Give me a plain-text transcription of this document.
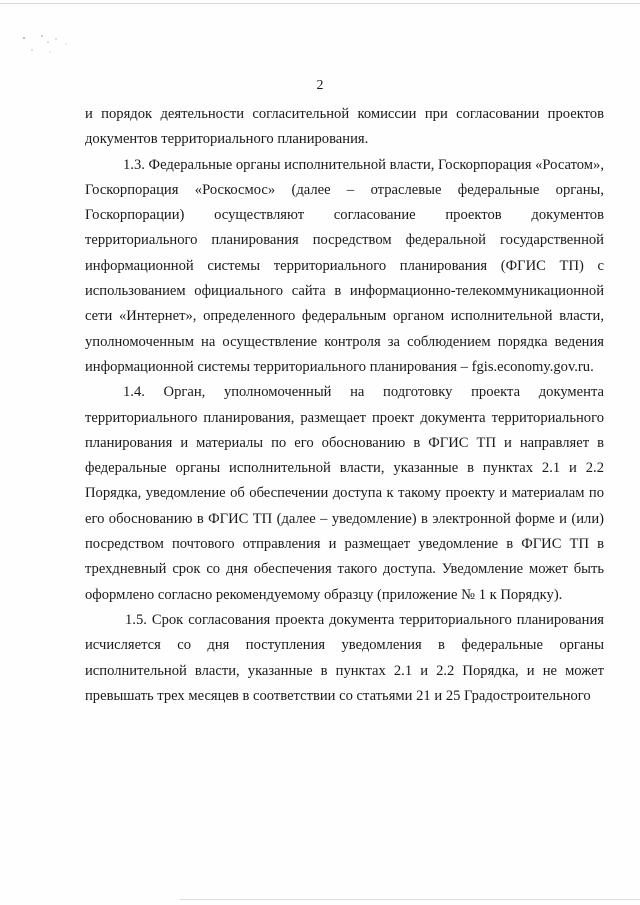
2

и порядок деятельности согласительной комиссии при согласовании проектов документов территориального планирования.

1.3. Федеральные органы исполнительной власти, Госкорпорация «Росатом», Госкорпорация «Роскосмос» (далее – отраслевые федеральные органы, Госкорпорации) осуществляют согласование проектов документов территориального планирования посредством федеральной государственной информационной системы территориального планирования (ФГИС ТП) с использованием официального сайта в информационно-телекоммуникационной сети «Интернет», определенного федеральным органом исполнительной власти, уполномоченным на осуществление контроля за соблюдением порядка ведения информационной системы территориального планирования – fgis.economy.gov.ru.

1.4. Орган, уполномоченный на подготовку проекта документа территориального планирования, размещает проект документа территориального планирования и материалы по его обоснованию в ФГИС ТП и направляет в федеральные органы исполнительной власти, указанные в пунктах 2.1 и 2.2 Порядка, уведомление об обеспечении доступа к такому проекту и материалам по его обоснованию в ФГИС ТП (далее – уведомление) в электронной форме и (или) посредством почтового отправления и размещает уведомление в ФГИС ТП в трехдневный срок со дня обеспечения такого доступа. Уведомление может быть оформлено согласно рекомендуемому образцу (приложение № 1 к Порядку).

1.5. Срок согласования проекта документа территориального планирования исчисляется со дня поступления уведомления в федеральные органы исполнительной власти, указанные в пунктах 2.1 и 2.2 Порядка, и не может превышать трех месяцев в соответствии со статьями 21 и 25 Градостроительного
